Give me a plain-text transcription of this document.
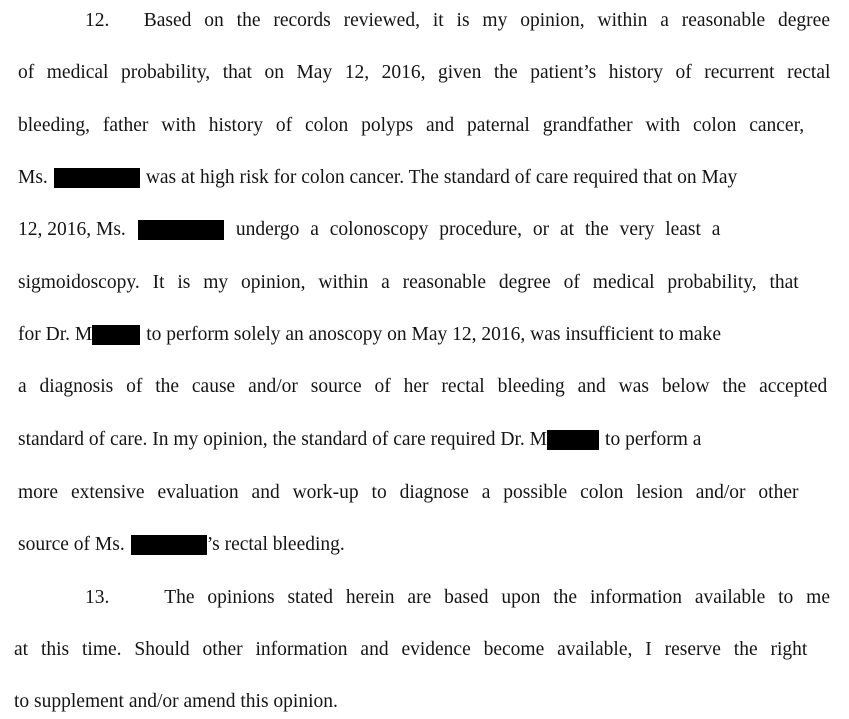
12. Based on the records reviewed, it is my opinion, within a reasonable degree
of medical probability, that on May 12, 2016, given the patient’s history of recurrent rectal
bleeding, father with history of colon polyps and paternal grandfather with colon cancer,
Ms.	was at high risk for colon cancer. The standard of care required that on May
12, 2016, Ms.	undergo a colonoscopy procedure, or at the very least a
sigmoidoscopy. It is my opinion, within a reasonable degree of medical probability, that
for Dr. M	to perform solely an anoscopy on May 12, 2016, was insufficient to make
a diagnosis of the cause and/or source of her rectal bleeding and was below the accepted
standard of care. In my opinion, the standard of care required Dr. M	to perform a
more extensive evaluation and work-up to diagnose a possible colon lesion and/or other
source of Ms.	’s rectal bleeding.
13.	The opinions stated herein are based upon the information available to me
at this time. Should other information and evidence become available, I reserve the right
to supplement and/or amend this opinion.
